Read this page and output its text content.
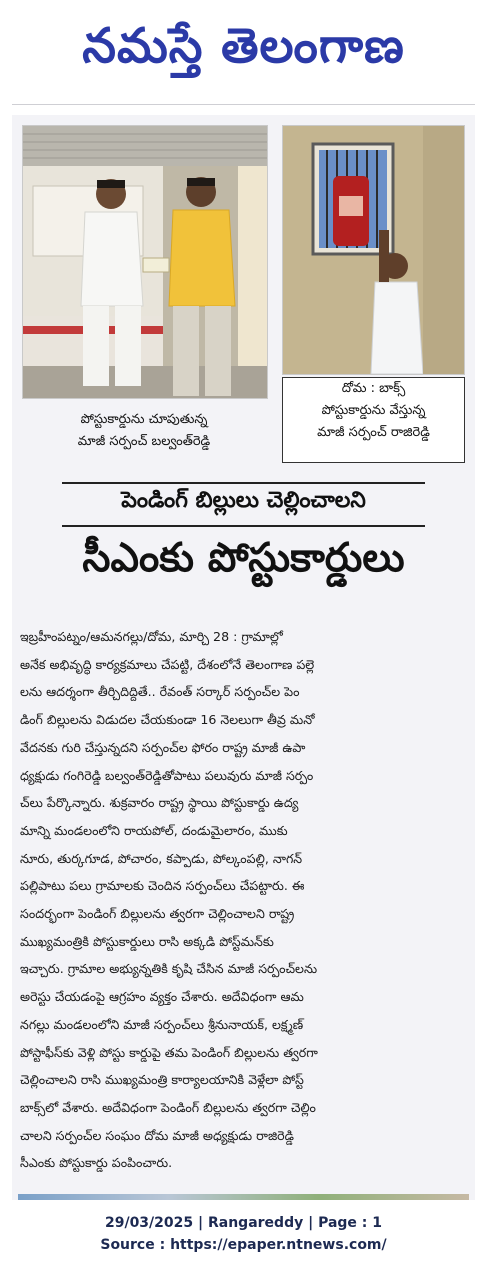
నమస్తే తెలంగాణ
పోస్టుకార్డును చూపుతున్న
మాజీ సర్పంచ్ బల్వంత్‌రెడ్డి
దోమ : బాక్స్
పోస్టుకార్డును వేస్తున్న
మాజీ సర్పంచ్ రాజిరెడ్డి
పెండింగ్ బిల్లులు చెల్లించాలని
సీఎంకు పోస్టుకార్డులు
ఇబ్రహీంపట్నం/ఆమనగల్లు/దోమ, మార్చి 28 : గ్రామాల్లో
అనేక అభివృద్ధి కార్యక్రమాలు చేపట్టి, దేశంలోనే తెలంగాణ పల్లె
లను ఆదర్శంగా తీర్చిదిద్దితే.. రేవంత్ సర్కార్ సర్పంచ్‌ల పెం
డింగ్ బిల్లులను విడుదల చేయకుండా 16 నెలలుగా తీవ్ర మనో
వేదనకు గురి చేస్తున్నదని సర్పంచ్‌ల ఫోరం రాష్ట్ర మాజీ ఉపా
ధ్యక్షుడు గంగిరెడ్డి బల్వంత్‌రెడ్డితోపాటు పలువురు మాజీ సర్పం
చ్‌లు పేర్కొన్నారు. శుక్రవారం రాష్ట్ర స్థాయి పోస్టుకార్డు ఉద్య
మాన్ని మండలంలోని రాయపోల్, దండుమైలారం, ముకు
నూరు, తుర్కగూడ, పోచారం, కప్పాడు, పోల్కంపల్లి, నాగన్
పల్లిపాటు పలు గ్రామాలకు చెందిన సర్పంచ్‌లు చేపట్టారు. ఈ
సందర్భంగా పెండింగ్ బిల్లులను త్వరగా చెల్లించాలని రాష్ట్ర
ముఖ్యమంత్రికి పోస్టుకార్డులు రాసి అక్కడి పోస్ట్‌మన్‌కు
ఇచ్చారు. గ్రామాల అభ్యున్నతికి కృషి చేసిన మాజీ సర్పంచ్‌లను
అరెస్టు చేయడంపై ఆగ్రహం వ్యక్తం చేశారు. అదేవిధంగా ఆమ
నగల్లు మండలంలోని మాజీ సర్పంచ్‌లు శ్రీనునాయక్, లక్ష్మణ్
పోస్టాఫీస్‌కు వెళ్లి పోస్టు కార్డుపై తమ పెండింగ్ బిల్లులను త్వరగా
చెల్లించాలని రాసి ముఖ్యమంత్రి కార్యాలయానికి వెళ్లేలా పోస్ట్
బాక్స్‌లో వేశారు. అదేవిధంగా పెండింగ్ బిల్లులను త్వరగా చెల్లిం
చాలని సర్పంచ్‌ల సంఘం దోమ మాజీ అధ్యక్షుడు రాజిరెడ్డి
సీఎంకు పోస్టుకార్డు పంపించారు.
29/03/2025 | Rangareddy | Page : 1
Source : https://epaper.ntnews.com/
